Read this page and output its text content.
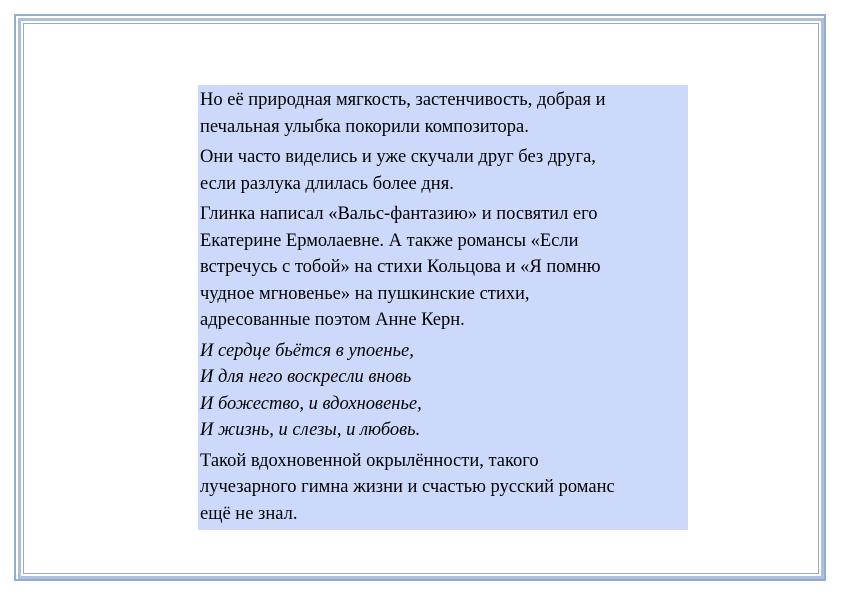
Но её природная мягкость, застенчивость, добрая и
печальная улыбка покорили композитора.

Они часто виделись и уже скучали друг без друга,
если разлука длилась более дня.

Глинка написал «Вальс-фантазию» и посвятил его
Екатерине Ермолаевне. А также романсы «Если
встречусь с тобой» на стихи Кольцова и «Я помню
чудное мгновенье» на пушкинские стихи,
адресованные поэтом Анне Керн.

И сердце бьётся в упоенье,
И для него воскресли вновь
И божество, и вдохновенье,
И жизнь, и слезы, и любовь.

Такой вдохновенной окрылённости, такого
лучезарного гимна жизни и счастью русский романс
ещё не знал.
